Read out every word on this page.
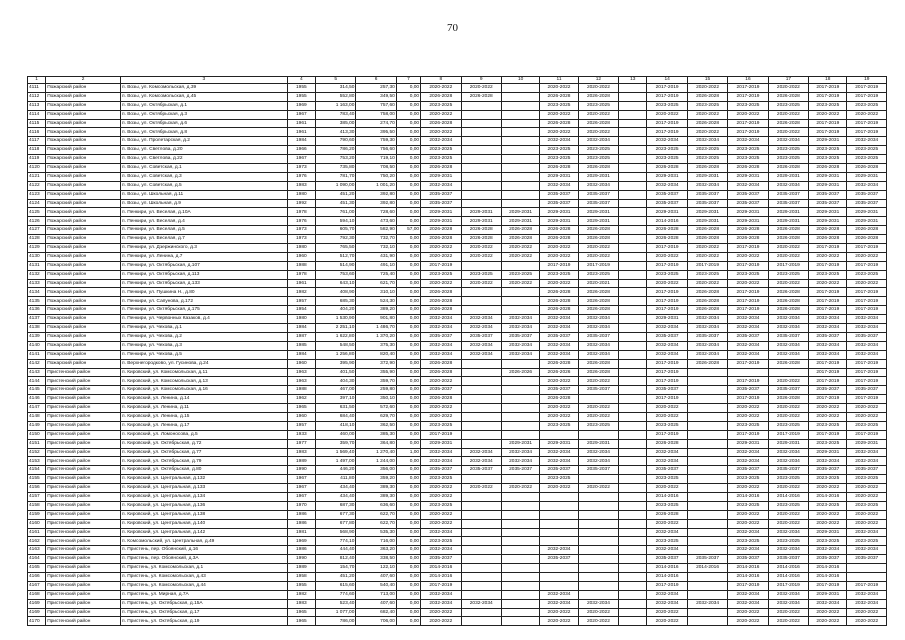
70
1	2	3	4	5	6	7	8	9	10	11	12	13	14	15	16	17	18	19
4111	Пожарский район	п. Возы, ул. Комсомольская, д.39	1955	314,50	257,30	0,00	2020-2022	2020-2022		2020-2022	2020-2022		2017-2019	2020-2022	2017-2019	2020-2022	2017-2019	2017-2019
4112	Пожарский район	п. Возы, ул. Комсомольская, д.45	1955	552,80	349,50	0,00	2026-2028	2026-2028		2026-2028	2026-2028		2017-2019	2026-2028	2017-2019	2026-2028	2017-2019	2017-2019
4113	Пожарский район	п. Возы, ул. Октябрьская, д.1	1969	1 163,00	757,60	0,00	2023-2025			2023-2025	2023-2025		2023-2025	2023-2025	2023-2025	2023-2025	2023-2025	2023-2025
4114	Пожарский район	п. Возы, ул. Октябрьская, д.3	1967	783,40	758,00	0,00	2020-2022			2020-2022	2020-2022		2020-2022	2020-2022	2020-2022	2020-2022	2020-2022	2020-2022
4115	Пожарский район	п. Возы, ул. Октябрьская, д.6	1961	385,00	274,70	0,00	2026-2028			2026-2028	2026-2028		2017-2019	2026-2028	2017-2019	2026-2028	2017-2019	2017-2019
4116	Пожарский район	п. Возы, ул. Октябрьская, д.8	1961	413,30	395,50	0,00	2020-2022			2020-2022	2020-2022		2017-2019	2020-2022	2017-2019	2020-2022	2017-2019	2017-2019
4117	Пожарский район	п. Возы, ул. Пролетарская, д.2	1984	790,60	759,30	0,00	2032-2034			2032-2034	2032-2034		2032-2034	2032-2034	2032-2034	2032-2034	2029-2031	2032-2034
4118	Пожарский район	п. Возы, ул. Светлова, д.20	1966	786,20	756,60	0,00	2023-2025			2023-2025	2023-2025		2023-2025	2023-2025	2023-2025	2023-2025	2023-2025	2023-2025
4119	Пожарский район	п. Возы, ул. Светлова, д.22	1967	753,20	719,10	0,00	2023-2025			2023-2025	2023-2025		2023-2025	2023-2025	2023-2025	2023-2025	2023-2025	2023-2025
4120	Пожарский район	п. Возы, ул. Советская, д.1	1973	735,80	708,50	0,00	2026-2028			2026-2028	2026-2028		2026-2028	2026-2028	2026-2028	2026-2028	2026-2028	2026-2028
4121	Пожарский район	п. Возы, ул. Советская, д.3	1976	781,70	750,20	0,00	2029-2031			2029-2031	2029-2031		2029-2031	2029-2031	2029-2031	2029-2031	2029-2031	2029-2031
4122	Пожарский район	п. Возы, ул. Советская, д.5	1983	1 090,00	1 001,20	0,00	2032-2034			2032-2034	2032-2034		2032-2034	2032-2034	2032-2034	2032-2034	2029-2031	2032-2034
4123	Пожарский район	п. Возы, ул. Школьная, д.11	1980	451,20	392,80	0,00	2035-2037			2035-2037	2035-2037		2035-2037	2035-2037	2035-2037	2035-2037	2035-2037	2035-2037
4124	Пожарский район	п. Возы, ул. Школьная, д.9	1992	451,30	392,80	0,00	2035-2037			2035-2037	2035-2037		2035-2037	2035-2037	2035-2037	2035-2037	2035-2037	2035-2037
4125	Пожарский район	п. Пенкири, ул. Веселая, д.10А	1978	761,00	728,60	0,00	2029-2031	2029-2031	2029-2031	2029-2031	2029-2031		2029-2031	2029-2031	2029-2031	2029-2031	2029-2031	2029-2031
4126	Пожарский район	п. Пенкири, ул. Веселая, д.4	1976	594,10	473,60	0,00	2029-2031	2029-2031	2029-2031	2029-2031	2029-2031		2014-2016	2029-2031	2029-2031	2029-2031	2029-2031	2029-2031
4127	Пожарский район	п. Пенкири, ул. Веселая, д.5	1973	605,70	582,90	57,00	2026-2028	2026-2028	2026-2028	2026-2028	2026-2028		2026-2028	2026-2028	2026-2028	2026-2028	2026-2028	2026-2028
4128	Пожарский район	п. Пенкири, ул. Веселая, д.7	1973	792,30	732,70	0,00	2026-2028	2026-2028	2026-2028	2026-2028	2026-2028		2026-2028	2026-2028	2026-2028	2026-2028	2026-2028	2026-2028
4129	Пожарский район	п. Пенкири, ул. Дзержинского, д.3	1980	765,50	732,10	0,00	2020-2022	2020-2022	2020-2022	2020-2022	2020-2022		2017-2019	2020-2022	2017-2019	2020-2022	2017-2019	2017-2019
4130	Пожарский район	п. Пенкири, ул. Ленина, д.7	1960	512,70	431,90	0,00	2020-2022	2020-2022	2020-2022	2020-2022	2020-2022		2020-2022	2020-2022	2020-2022	2020-2022	2020-2022	2020-2022
4131	Пожарский район	п. Пенкири, ул. Октябрьская, д.107	1988	514,90	491,10	0,00	2017-2019			2017-2019	2017-2019		2017-2019	2017-2019	2017-2019	2017-2019	2017-2019	2017-2019
4132	Пожарский район	п. Пенкири, ул. Октябрьская, д.113	1978	753,60	725,40	0,00	2023-2025	2023-2025	2023-2025	2023-2025	2023-2025		2023-2025	2023-2025	2023-2025	2023-2025	2023-2025	2023-2025
4133	Пожарский район	п. Пенкири, ул. Октябрьская, д.133	1961	643,10	621,70	0,00	2020-2022	2020-2022	2020-2022	2020-2022	2020-2021		2020-2022	2020-2022	2020-2022	2020-2022	2020-2022	2020-2022
4134	Пожарский район	п. Пенкири, ул. Пушкина Н., д.80	1982	408,90	310,10	0,00	2026-2028			2026-2028	2026-2028		2017-2019	2026-2028	2017-2019	2026-2028	2017-2019	2017-2019
4135	Пожарский район	п. Пенкири, ул. Сапунова, д.172	1957	685,30	524,30	0,00	2026-2028			2026-2028	2026-2028		2017-2019	2026-2028	2017-2019	2026-2028	2017-2019	2017-2019
4136	Пожарский район	п. Пенкири, ул. Октябрьская, д.175	1954	404,20	389,20	0,00	2026-2028			2026-2028	2026-2028		2017-2019	2026-2028	2017-2019	2026-2028	2017-2019	2017-2019
4137	Пожарский район	п. Пенкири, ул. Червонных Казаков, д.4	1980	1 530,90	901,80	0,00	2032-2034	2032-2034	2032-2034	2032-2034	2032-2034		2029-2031	2032-2034	2032-2034	2032-2034	2032-2034	2032-2034
4138	Пожарский район	п. Пенкири, ул. Чехова, д.1	1984	2 251,10	1 486,70	0,00	2032-2034	2032-2034	2032-2034	2032-2034	2032-2034		2032-2034	2032-2034	2032-2034	2032-2034	2032-2034	2032-2034
4139	Пожарский район	п. Пенкири, ул. Чехова, д.2	1987	1 622,80	1 370,20	0,00	2035-2037	2035-2037	2035-2037	2035-2037	2035-2037		2035-2037	2035-2037	2035-2037	2035-2037	2035-2037	2035-2037
4140	Пожарский район	п. Пенкири, ул. Чехова, д.3	1985	548,50	375,30	0,00	2032-2034	2032-2034	2032-2034	2032-2034	2032-2034		2032-2034	2032-2034	2032-2034	2032-2034	2032-2034	2032-2034
4141	Пожарский район	п. Пенкири, ул. Чехова, д.5	1984	1 256,80	820,40	0,00	2032-2034	2032-2034	2032-2034	2032-2034	2032-2034		2032-2034	2032-2034	2032-2034	2032-2034	2032-2034	2032-2034
4142	Пожарский район	п. Верхнегородково, ул. Гусинова, д.24	1960	395,90	372,90	0,00	2026-2028			2026-2028	2026-2028		2017-2019	2026-2028	2017-2019	2026-2028	2017-2019	2017-2019
4143	Пристенский район	п. Кировский, ул. Комсомольская, д.11	1963	401,50	355,90	0,00	2026-2028		2026-2026	2026-2026	2026-2028		2017-2019				2017-2019	2017-2019
4144	Пристенский район	п. Кировский, ул. Комсомольская, д.13	1963	404,30	359,70	0,00	2020-2022			2020-2022	2020-2022		2017-2019		2017-2019	2020-2022	2017-2019	2017-2019
4145	Пристенский район	п. Кировский, ул. Комсомольская, д.16	1988	467,00	259,80	0,00	2035-2037			2035-2037	2035-2037		2035-2037		2035-2037	2035-2037	2035-2037	2035-2037
4146	Пристенский район	п. Кировский, ул. Ленина, д.14	1962	397,10	350,10	0,00	2026-2028			2026-2028			2017-2019		2017-2019	2026-2028	2017-2019	2017-2019
4147	Пристенский район	п. Кировский, ул. Ленина, д.11	1965	631,50	572,60	0,00	2020-2022			2020-2022	2020-2022		2020-2022		2020-2022	2020-2022	2020-2022	2020-2022
4148	Пристенский район	п. Кировский, ул. Ленина, д.15	1960	684,40	629,70	0,00	2020-2022			2020-2022	2020-2022		2020-2022		2020-2022	2020-2022	2020-2022	2020-2022
4149	Пристенский район	п. Кировский, ул. Ленина, д.17	1957	418,10	362,50	0,00	2023-2025			2023-2025	2023-2025		2023-2025		2023-2025	2023-2025	2023-2025	2023-2025
4150	Пристенский район	п. Кировский, ул. Ломоносова, д.5	1933	460,00	385,30	0,00	2017-2019						2017-2019		2017-2019	2017-2019	2017-2019	2017-2019
4151	Пристенский район	п. Кировский, ул. Октябрьская, д.72	1977	359,70	364,80	0,00	2029-2031		2029-2031	2029-2031	2029-2031		2026-2028		2029-2031	2029-2031	2023-2025	2029-2031
4152	Пристенский район	п. Кировский, ул. Октябрьская, д.77	1983	1 569,40	1 270,40	1,00	2032-2034	2032-2034	2032-2034	2032-2034	2032-2034		2032-2034		2032-2034	2032-2034	2029-2031	2032-2034
4153	Пристенский район	п. Кировский, ул. Октябрьская, д.79	1989	1 497,00	1 244,00	0,00	2032-2034	2032-2034	2032-2034	2032-2034	2032-2034		2032-2034		2032-2034	2032-2034	2032-2034	2032-2034
4154	Пристенский район	п. Кировский, ул. Октябрьская, д.80	1990	446,20	356,00	0,00	2035-2037	2035-2037	2035-2037	2035-2037	2035-2037		2035-2037		2035-2037	2035-2037	2035-2037	2035-2037
4155	Пристенский район	п. Кировский, ул. Центральная, д.132	1967	411,80	359,20	0,00	2023-2025			2023-2025			2023-2025		2023-2025	2023-2025	2023-2025	2023-2025
4156	Пристенский район	п. Кировский, ул. Центральная, д.133	1967	434,40	389,30	0,00	2020-2022	2020-2022	2020-2022	2020-2022	2020-2022		2020-2022		2020-2022	2020-2022	2020-2022	2020-2022
4157	Пристенский район	п. Кировский, ул. Центральная, д.134	1967	434,40	389,30	0,00	2020-2022						2014-2016		2014-2016	2014-2016	2014-2016	2020-2022
4158	Пристенский район	п. Кировский, ул. Центральная, д.136	1970	687,30	636,60	0,00	2023-2025						2023-2025		2023-2025	2023-2025	2023-2025	2023-2025
4159	Пристенский район	п. Кировский, ул. Центральная, д.138	1986	677,30	622,70	0,00	2020-2022						2026-2028		2020-2022	2020-2022	2020-2022	2020-2022
4160	Пристенский район	п. Кировский, ул. Центральная, д.140	1986	677,80	622,70	0,00	2020-2022						2020-2022		2020-2022	2020-2022	2020-2022	2020-2022
4161	Пристенский район	п. Кировский, ул. Центральная, д.142	1981	568,90	535,30	0,00	2032-2034						2032-2034		2032-2034	2032-2034	2029-2031	2032-2034
4162	Пристенский район	п. Комсомольский, ул. Центральная, д.49	1969	774,10	716,00	0,00	2023-2025						2023-2025		2023-2025	2023-2025	2023-2025	2023-2025
4163	Пристенский район	п. Пристень, пер. Обоянский, д.16	1986	444,40	363,20	0,00	2032-2034			2032-2034			2032-2034		2032-2034	2032-2034	2032-2034	2032-2034
4164	Пристенский район	п. Пристень, пер. Обоянский, д.3А	1990	812,40	338,50	0,00	2035-2037			2035-2037			2035-2037	2035-2037	2035-2037	2035-2037	2035-2037	2035-2037
4165	Пристенский район	п. Пристень, ул. Комсомольская, д.1	1989	154,70	122,10	0,00	2014-2016						2014-2016	2014-2016	2014-2016	2014-2016	2014-2016	
4166	Пристенский район	п. Пристень, ул. Комсомольская, д.43	1958	451,20	407,60	0,00	2014-2016						2014-2016		2014-2016	2014-2016	2014-2016	
4167	Пристенский район	п. Пристень, ул. Комсомольская, д.44	1955	615,60	540,40	0,00	2017-2019						2017-2019		2017-2019	2017-2019	2017-2019	2017-2019
4168	Пристенский район	п. Пристень, ул. Мирная, д.7А	1982	774,60	713,00	0,00	2032-2034			2032-2034			2032-2034		2032-2034	2032-2034	2029-2031	2032-2034
4169	Пристенский район	п. Пристень, ул. Октябрьская, д.15А	1983	523,40	407,60	0,00	2032-2034	2032-2034		2032-2034	2032-2034		2032-2034	2032-2034	2032-2034	2032-2034	2032-2034	2032-2034
4169	Пристенский район	п. Пристень, ул. Октябрьская, д.17	1965	1 077,00	682,40	0,00	2020-2022			2020-2022	2020-2022		2020-2022		2020-2022	2020-2022	2020-2022	2020-2022
4170	Пристенский район	п. Пристень, ул. Октябрьская, д.19	1965	786,00	706,00	0,00	2020-2022			2020-2022	2020-2022		2020-2022		2020-2022	2020-2022	2020-2022	2020-2022
